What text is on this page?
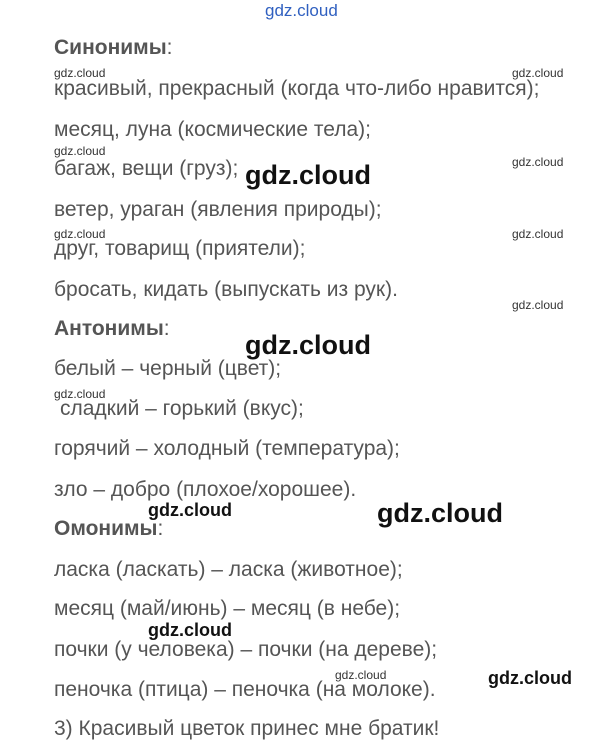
gdz.cloud
Синонимы:
красивый, прекрасный (когда что-либо нравится);
месяц, луна (космические тела);
багаж, вещи (груз);
ветер, ураган (явления природы);
друг, товарищ (приятели);
бросать, кидать (выпускать из рук).
Антонимы:
белый – черный (цвет);
сладкий – горький (вкус);
горячий – холодный (температура);
зло – добро (плохое/хорошее).
Омонимы:
ласка (ласкать) – ласка (животное);
месяц (май/июнь) – месяц (в небе);
почки (у человека) – почки (на дереве);
пеночка (птица) – пеночка (на молоке).
3) Красивый цветок принес мне братик!
gdz.cloud	gdz.cloud
gdz.cloud
gdz.cloud
gdz.cloud	gdz.cloud
gdz.cloud
gdz.cloud
gdz.cloud
gdz.cloud
gdz.cloud
gdz.cloud
gdz.cloud
gdz.cloud
gdz.cloud
